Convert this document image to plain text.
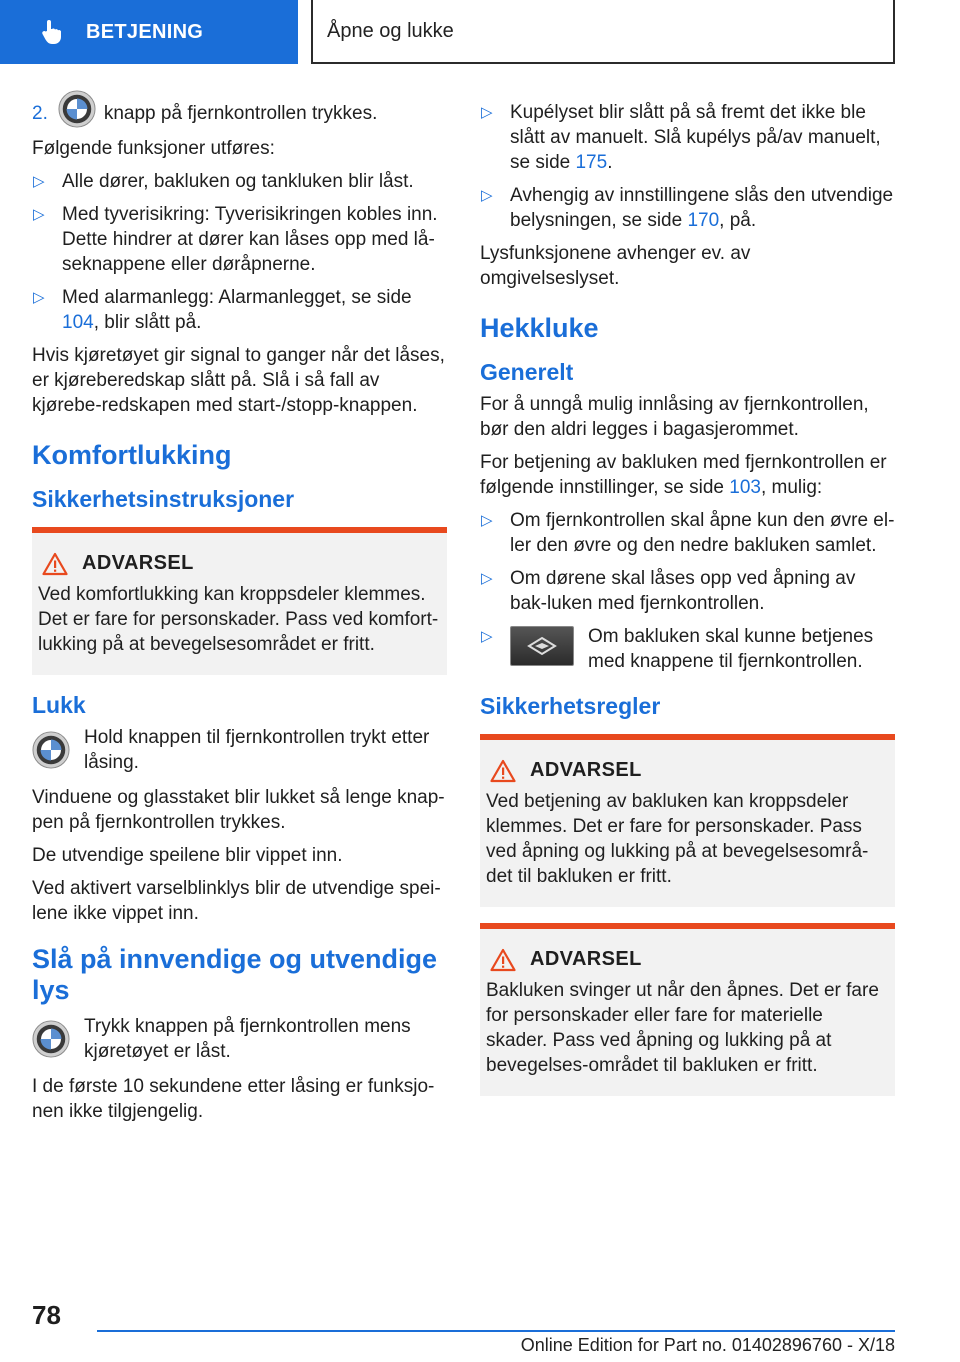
BETJENING	Åpne og lukke

2.	knapp på fjernkontrollen trykkes.

Følgende funksjoner utføres:

▷ Alle dører, bakluken og tankluken blir låst.
▷ Med tyverisikring: Tyverisikringen kobles inn. Dette hindrer at dører kan låses opp med lå-seknappene eller døråpnerne.
▷ Med alarmanlegg: Alarmanlegget, se side 104, blir slått på.

Hvis kjøretøyet gir signal to ganger når det låses, er kjøreberedskap slått på. Slå i så fall av kjørebe-redskapen med start-/stopp-knappen.

Komfortlukking
Sikkerhetsinstruksjoner
ADVARSEL
Ved komfortlukking kan kroppsdeler klemmes. Det er fare for personskader. Pass ved komfort-lukking på at bevegelsesområdet er fritt.
Lukk
Hold knappen til fjernkontrollen trykt etter låsing.

Vinduene og glasstaket blir lukket så lenge knap-pen på fjernkontrollen trykkes.

De utvendige speilene blir vippet inn.

Ved aktivert varselblinklys blir de utvendige spei-lene ikke vippet inn.

Slå på innvendige og utvendige lys
Trykk knappen på fjernkontrollen mens kjøretøyet er låst.

I de første 10 sekundene etter låsing er funksjo-nen ikke tilgjengelig.

▷ Kupélyset blir slått på så fremt det ikke ble slått av manuelt. Slå kupélys på/av manuelt, se side 175.
▷ Avhengig av innstillingene slås den utvendige belysningen, se side 170, på.

Lysfunksjonene avhenger ev. av omgivelseslyset.

Hekkluke
Generelt

For å unngå mulig innlåsing av fjernkontrollen, bør den aldri legges i bagasjerommet.

For betjening av bakluken med fjernkontrollen er følgende innstillinger, se side 103, mulig:

▷ Om fjernkontrollen skal åpne kun den øvre el-ler den øvre og den nedre bakluken samlet.
▷ Om dørene skal låses opp ved åpning av bak-luken med fjernkontrollen.
▷	Om bakluken skal kunne betjenes med knappene til fjernkontrollen.
Sikkerhetsregler
ADVARSEL
Ved betjening av bakluken kan kroppsdeler klemmes. Det er fare for personskader. Pass ved åpning og lukking på at bevegelsesområ-det til bakluken er fritt.
ADVARSEL
Bakluken svinger ut når den åpnes. Det er fare for personskader eller fare for materielle skader. Pass ved åpning og lukking på at bevegelses-området til bakluken er fritt.
78
Online Edition for Part no. 01402896760 - X/18
